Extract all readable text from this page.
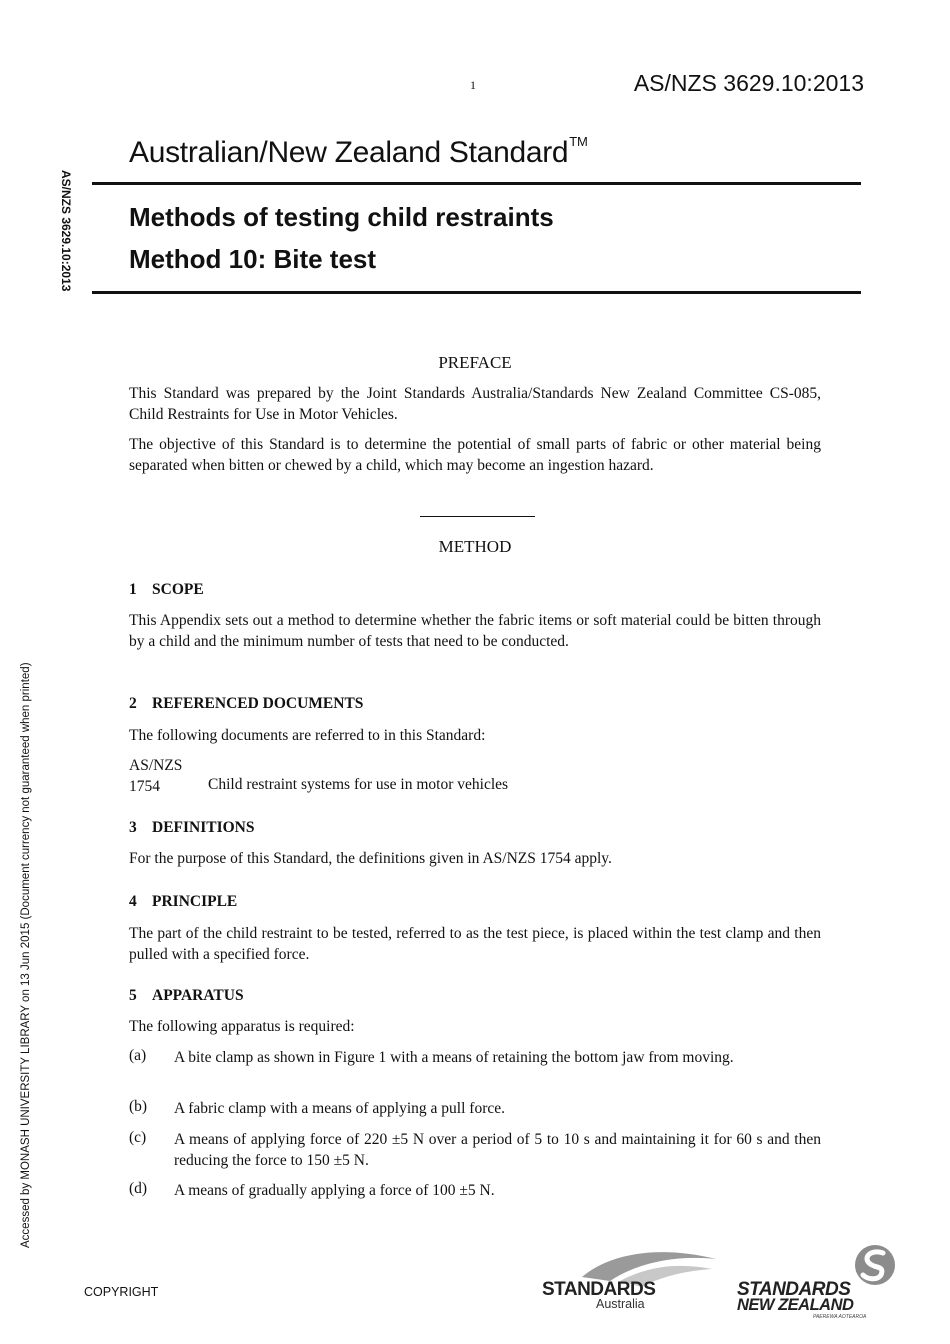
1	AS/NZS 3629.10:2013
Australian/New Zealand Standard™
Methods of testing child restraints
Method 10: Bite test
AS/NZS 3629.10:2013
Accessed by MONASH UNIVERSITY LIBRARY on 13 Jun 2015 (Document currency not guaranteed when printed)
PREFACE
This Standard was prepared by the Joint Standards Australia/Standards New Zealand Committee CS-085, Child Restraints for Use in Motor Vehicles.
The objective of this Standard is to determine the potential of small parts of fabric or other material being separated when bitten or chewed by a child, which may become an ingestion hazard.
METHOD
1 SCOPE
This Appendix sets out a method to determine whether the fabric items or soft material could be bitten through by a child and the minimum number of tests that need to be conducted.
2 REFERENCED DOCUMENTS
The following documents are referred to in this Standard:
AS/NZS
1754	Child restraint systems for use in motor vehicles
3 DEFINITIONS
For the purpose of this Standard, the definitions given in AS/NZS 1754 apply.
4 PRINCIPLE
The part of the child restraint to be tested, referred to as the test piece, is placed within the test clamp and then pulled with a specified force.
5 APPARATUS
The following apparatus is required:
(a) A bite clamp as shown in Figure 1 with a means of retaining the bottom jaw from moving.
(b) A fabric clamp with a means of applying a pull force.
(c) A means of applying force of 220 ±5 N over a period of 5 to 10 s and maintaining it for 60 s and then reducing the force to 150 ±5 N.
(d) A means of gradually applying a force of 100 ±5 N.
COPYRIGHT	STANDARDS
Australia
STANDARDS
NEW ZEALAND
PAEREWA AOTEAROA
